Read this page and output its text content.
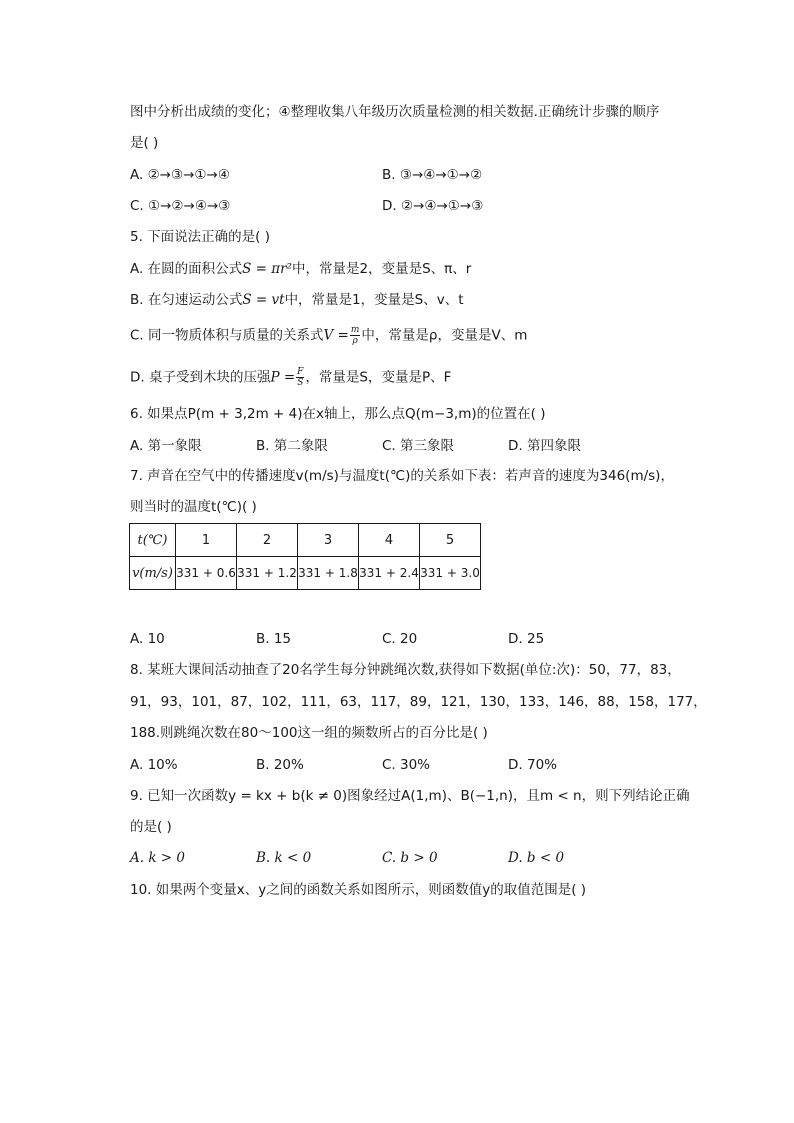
图中分析出成绩的变化；④整理收集八年级历次质量检测的相关数据.正确统计步骤的顺序
是( )
A. ②→③→①→④	B. ③→④→①→②
C. ①→②→④→③	D. ②→④→①→③
5. 下面说法正确的是( )
A. 在圆的面积公式S = πr²中，常量是2，变量是S、π、r
B. 在匀速运动公式S = vt中，常量是1，变量是S、v、t
C. 同一物质体积与质量的关系式$V = \frac{m}{\rho}$ 中，常量是ρ，变量是V、m
D. 桌子受到木块的压强$P = \frac{F}{S}$ ，常量是S，变量是P、F
6. 如果点P(m + 3,2m + 4)在x轴上，那么点Q(m−3,m)的位置在( )
A. 第一象限	B. 第二象限	C. 第三象限	D. 第四象限
7. 声音在空气中的传播速度v(m/s)与温度t(℃)的关系如下表：若声音的速度为346(m/s)，
则当时的温度t(℃)( )
t(℃)	1	2	3	4	5
v(m/s)	331 + 0.6	331 + 1.2	331 + 1.8	331 + 2.4	331 + 3.0
A. 10	B. 15	C. 20	D. 25
8. 某班大课间活动抽查了20名学生每分钟跳绳次数,获得如下数据(单位:次)：50，77，83，
91，93，101，87，102，111，63，117，89，121，130，133，146，88，158，177，
188.则跳绳次数在80～100这一组的频数所占的百分比是( )
A. 10%	B. 20%	C. 30%	D. 70%
9. 已知一次函数y = kx + b(k ≠ 0)图象经过A(1,m)、B(−1,n)，且m < n，则下列结论正确
的是( )
A. k > 0	B. k < 0	C. b > 0	D. b < 0
10. 如果两个变量x、y之间的函数关系如图所示，则函数值y的取值范围是( )
